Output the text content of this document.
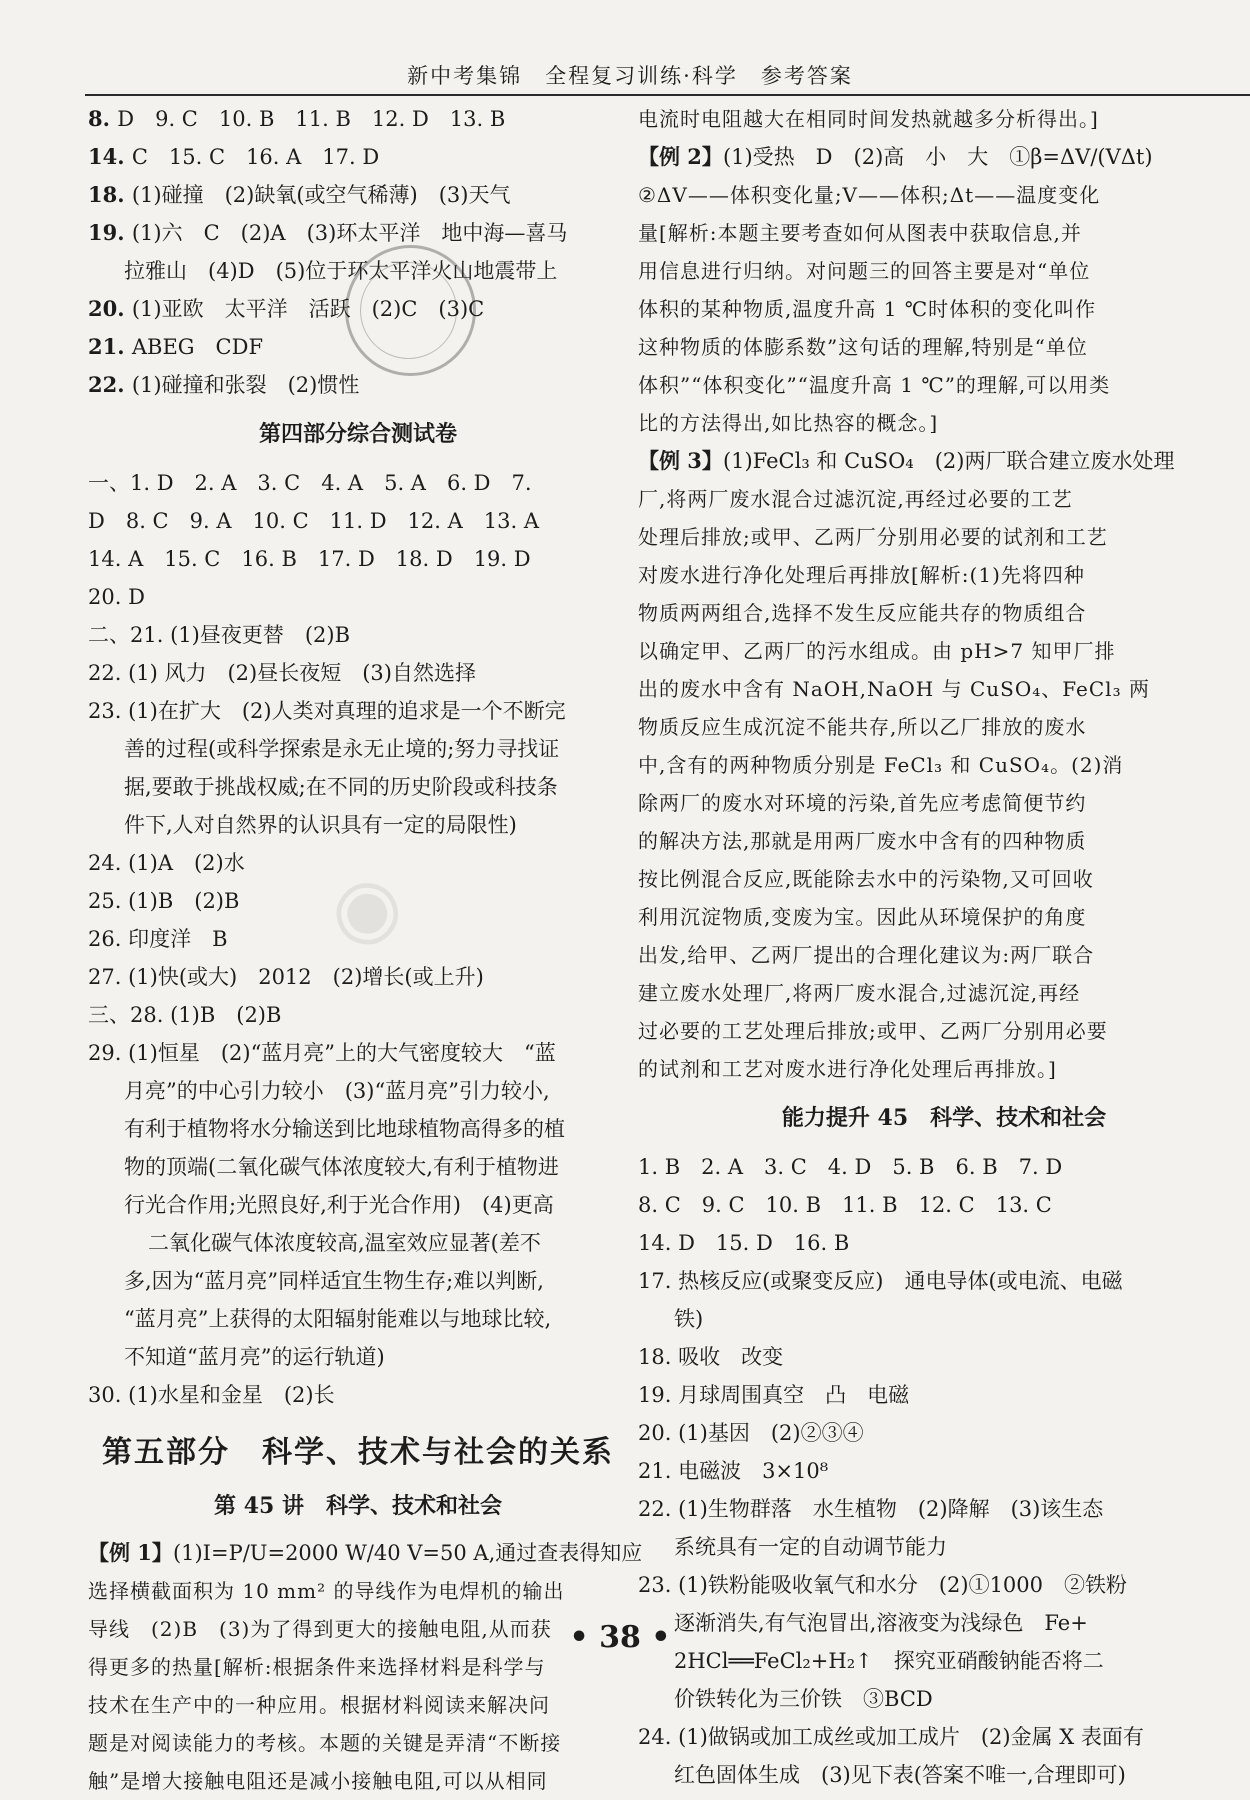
新中考集锦　全程复习训练·科学　参考答案
◉
8. D　9. C　10. B　11. B　12. D　13. B
14. C　15. C　16. A　17. D
18. (1)碰撞　(2)缺氧(或空气稀薄)　(3)天气
19. (1)六　C　(2)A　(3)环太平洋　地中海—喜马
拉雅山　(4)D　(5)位于环太平洋火山地震带上
20. (1)亚欧　太平洋　活跃　(2)C　(3)C
21. ABEG　CDF
22. (1)碰撞和张裂　(2)惯性
第四部分综合测试卷
一、1. D　2. A　3. C　4. A　5. A　6. D　7.
D　8. C　9. A　10. C　11. D　12. A　13. A
14. A　15. C　16. B　17. D　18. D　19. D
20. D
二、21. (1)昼夜更替　(2)B
22. (1) 风力　(2)昼长夜短　(3)自然选择
23. (1)在扩大　(2)人类对真理的追求是一个不断完
善的过程(或科学探索是永无止境的;努力寻找证
据,要敢于挑战权威;在不同的历史阶段或科技条
件下,人对自然界的认识具有一定的局限性)
24. (1)A　(2)水
25. (1)B　(2)B
26. 印度洋　B
27. (1)快(或大)　2012　(2)增长(或上升)
三、28. (1)B　(2)B
29. (1)恒星　(2)“蓝月亮”上的大气密度较大　“蓝
月亮”的中心引力较小　(3)“蓝月亮”引力较小,
有利于植物将水分输送到比地球植物高得多的植
物的顶端(二氧化碳气体浓度较大,有利于植物进
行光合作用;光照良好,利于光合作用)　(4)更高
二氧化碳气体浓度较高,温室效应显著(差不
多,因为“蓝月亮”同样适宜生物生存;难以判断,
“蓝月亮”上获得的太阳辐射能难以与地球比较,
不知道“蓝月亮”的运行轨道)
30. (1)水星和金星　(2)长
第五部分　科学、技术与社会的关系
第 45 讲　科学、技术和社会
【例 1】(1)I=P/U=2000 W/40 V=50 A,通过查表得知应
选择横截面积为 10 mm² 的导线作为电焊机的输出
导线　(2)B　(3)为了得到更大的接触电阻,从而获
得更多的热量[解析:根据条件来选择材料是科学与
技术在生产中的一种应用。根据材料阅读来解决问
题是对阅读能力的考核。本题的关键是弄清“不断接
触”是增大接触电阻还是减小接触电阻,可以从相同
电流时电阻越大在相同时间发热就越多分析得出。]
【例 2】(1)受热　D　(2)高　小　大　①β=ΔV/(VΔt)
②ΔV——体积变化量;V——体积;Δt——温度变化
量[解析:本题主要考查如何从图表中获取信息,并
用信息进行归纳。对问题三的回答主要是对“单位
体积的某种物质,温度升高 1 ℃时体积的变化叫作
这种物质的体膨系数”这句话的理解,特别是“单位
体积”“体积变化”“温度升高 1 ℃”的理解,可以用类
比的方法得出,如比热容的概念。]
【例 3】(1)FeCl₃ 和 CuSO₄　(2)两厂联合建立废水处理
厂,将两厂废水混合过滤沉淀,再经过必要的工艺
处理后排放;或甲、乙两厂分别用必要的试剂和工艺
对废水进行净化处理后再排放[解析:(1)先将四种
物质两两组合,选择不发生反应能共存的物质组合
以确定甲、乙两厂的污水组成。由 pH>7 知甲厂排
出的废水中含有 NaOH,NaOH 与 CuSO₄、FeCl₃ 两
物质反应生成沉淀不能共存,所以乙厂排放的废水
中,含有的两种物质分别是 FeCl₃ 和 CuSO₄。(2)消
除两厂的废水对环境的污染,首先应考虑简便节约
的解决方法,那就是用两厂废水中含有的四种物质
按比例混合反应,既能除去水中的污染物,又可回收
利用沉淀物质,变废为宝。因此从环境保护的角度
出发,给甲、乙两厂提出的合理化建议为:两厂联合
建立废水处理厂,将两厂废水混合,过滤沉淀,再经
过必要的工艺处理后排放;或甲、乙两厂分别用必要
的试剂和工艺对废水进行净化处理后再排放。]
能力提升 45　科学、技术和社会
1. B　2. A　3. C　4. D　5. B　6. B　7. D
8. C　9. C　10. B　11. B　12. C　13. C
14. D　15. D　16. B
17. 热核反应(或聚变反应)　通电导体(或电流、电磁
铁)
18. 吸收　改变
19. 月球周围真空　凸　电磁
20. (1)基因　(2)②③④
21. 电磁波　3×10⁸
22. (1)生物群落　水生植物　(2)降解　(3)该生态
系统具有一定的自动调节能力
23. (1)铁粉能吸收氧气和水分　(2)①1000　②铁粉
逐渐消失,有气泡冒出,溶液变为浅绿色　Fe+
2HCl══FeCl₂+H₂↑　探究亚硝酸钠能否将二
价铁转化为三价铁　③BCD
24. (1)做锅或加工成丝或加工成片　(2)金属 X 表面有
红色固体生成　(3)见下表(答案不唯一,合理即可)
• 38 •
